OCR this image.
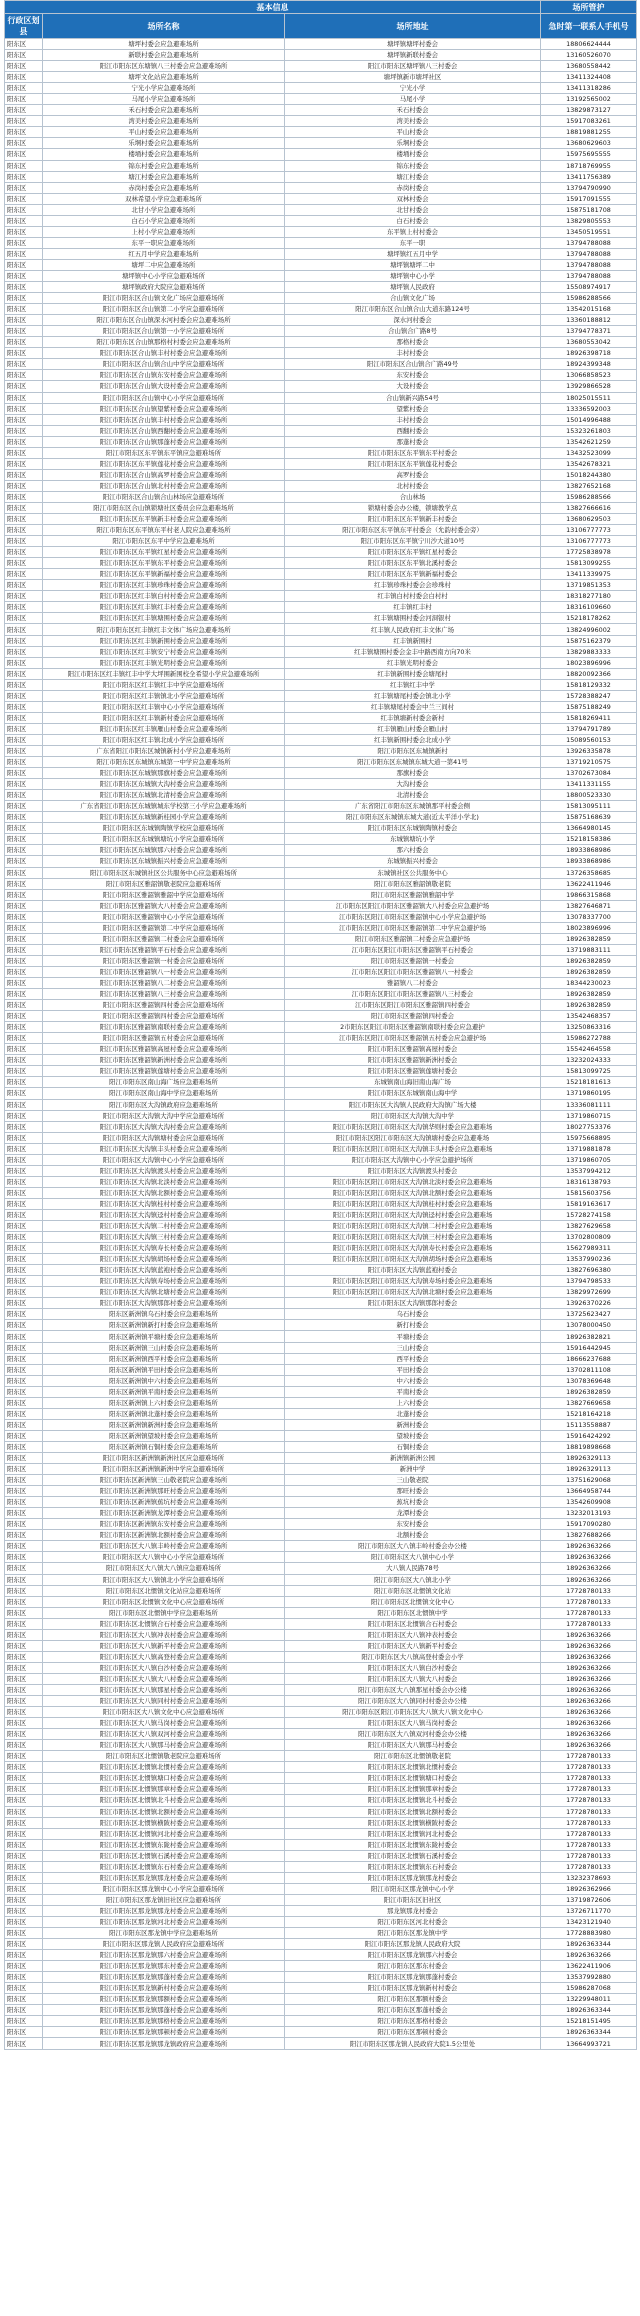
基本信息			场所管护
行政区划县	场所名称	场所地址	急时第一联系人手机号
阳东区	塘坪村委会应急避难场所	塘坪镇塘坪村委会	18806624444
阳东区	新联村委会应急避难场所	塘坪镇新联村委会	13160526070
阳东区	阳江市阳东区东塘镇八三村委会应急避难场所	阳江市阳东区塘坪镇八三村委会	13680558442
阳东区	塘坪文化站应急避难场所	塘坪镇新市塘坪社区	13411324408
阳东区	宁光小学应急避难场所	宁光小学	13411318286
阳东区	马尾小学应急避难场所	马尾小学	13192565002
阳东区	禾石村委会应急避难场所	禾石村委会	13829873127
阳东区	湾美村委会应急避难场所	湾美村委会	15917083261
阳东区	平山村委会应急避难场所	平山村委会	18819881255
阳东区	乐垌村委会应急避难场所	乐垌村委会	13680629603
阳东区	楼埇村委会应急避难场所	楼埇村委会	15975695555
阳东区	锦东村委会应急避难场所	锦东村委会	18718769955
阳东区	塘江村委会应急避难场所	塘江村委会	13411756389
阳东区	赤岗村委会应急避难场所	赤岗村委会	13794790990
阳东区	双林希望小学应急避难场所	双林村委会	15917091555
阳东区	北甘小学应急避难场所	北甘村委会	15875181708
阳东区	白石小学应急避难场所	白石村委会	13829805553
阳东区	上村小学应急避难场所	东平镇上村村委会	13450519551
阳东区	东平一职应急避难场所	东平一职	13794788088
阳东区	红五月中学应急避难场所	塘坪镇红五月中学	13794788088
阳东区	塘坪二中应急避难场所	塘坪镇塘坪二中	13794788088
阳东区	塘坪镇中心小学应急避难场所	塘坪镇中心小学	13794788088
阳东区	塘坪镇政府大院应急避难场所	塘坪镇人民政府	15508974917
阳东区	阳江市阳东区合山镇文化广场应急避难场所	合山镇文化广场	15986288566
阳东区	阳江市阳东区合山镇第二小学应急避难场所	阳江市阳东区合山镇合山大道东路124号	13542015168
阳东区	阳江市阳东区合山镇深水河村委会应急避难场所	深水河村委会	13360188812
阳东区	阳江市阳东区合山镇第一小学应急避难场所	合山镇合广路8号	13794778371
阳东区	阳江市阳东区合山镇那格村村委会应急避难场所	那格村委会	13680553042
阳东区	阳江市阳东区合山镇丰村村委会应急避难场所	丰村村委会	18926398718
阳东区	阳江市阳东区合山镇合山中学应急避难场所	阳江市阳东区合山镇合广路49号	18924399348
阳东区	阳江市阳东区合山镇东安村委会应急避难场所	东安村委会	13066858523
阳东区	阳江市阳东区合山镇大设村委会应急避难场所	大设村委会	13929866528
阳东区	阳江市阳东区合山镇中心小学应急避难场所	合山镇新兴路54号	18025015511
阳东区	阳江市阳东区合山镇望紫村委会应急避难场所	望紫村委会	13336592003
阳东区	阳江市阳东区合山镇丰村村委会应急避难场所	丰村村委会	15014996488
阳东区	阳江市阳东区合山镇西翻村委会应急避难场所	西翻村委会	15323261803
阳东区	阳江市阳东区合山镇那蓬村委会应急避难场所	那蓬村委会	13542621259
阳东区	阳江市阳东区东平镇东平镇应急避难场所	阳江市阳东区东平镇东平村委会	13432523099
阳东区	阳江市阳东区东平镇莲花村委会应急避难场所	阳江市阳东区东平镇莲花村委会	13542678321
阳东区	阳江市阳东区合山镇高罗村委会应急避难场所	高罗村委会	15018244380
阳东区	阳江市阳东区合山镇北村村委会应急避难场所	北村村委会	13827652168
阳东区	阳江市阳东区合山镇合山林场应急避难场所	合山林场	15986288566
阳东区	阳江市阳东区合山镇锁塘社区委员会应急避难场所	锁塘村委会办公楼，锁塘教学点	13827666616
阳东区	阳江市阳东区东平镇新丰村委会应急避难场所	阳江市阳东区东平镇新丰村委会	13680629503
阳东区	阳江市阳东区东平镇东平村老人院应急避难场所	阳江市阳东区东平镇东平村委会（允韵村委会旁）	13106777773
阳东区	阳江市阳东区东平中学应急避难场所	阳江市阳东区东平镇宁川沙大道10号	13106777773
阳东区	阳江市阳东区东平镇红星村委会应急避难场所	阳江市阳东区东平镇红星村委会	17725838978
阳东区	阳江市阳东区东平镇东平村委会应急避难场所	阳江市阳东区东平镇北溪村委会	15813099255
阳东区	阳江市阳东区东平镇新福村委会应急避难场所	阳江市阳东区东平镇新福村委会	13411339975
阳东区	阳江市阳东区红丰镇珍珠村委会应急避难场所	红丰镇珍珠村委会会珍珠村	13719851353
阳东区	阳江市阳东区红丰镇白村村委会应急避难场所	红丰镇白村村委会白村村	18318277180
阳东区	阳江市阳东区红丰镇红丰村委会应急避难场所	红丰镇红丰村	18316109660
阳东区	阳江市阳东区红丰镇塘围村委会应急避难场所	红丰镇塘围村委会河洞银村	15218178262
阳东区	阳江市阳东区红丰镇红丰文体广场应急避难场所	红丰镇人民政府红丰文体广场	13824996002
阳东区	阳江市阳东区红丰镇新围村委会应急避难场所	红丰镇新围村	15875162379
阳东区	阳江市阳东区红丰镇安宁村委会应急避难场所	红丰镇塘围村委会金丰中路西南方向70米	13829883333
阳东区	阳江市阳东区红丰镇光明村委会应急避难场所	红丰镇光明村委会	18023896996
阳东区	阳江市阳东区红丰镇红丰中学大坪围新围校全希望小学应急避难场所	红丰镇新围村委会塘尾村	18820092366
阳东区	阳江市阳东区红丰镇红丰中学应急避难场所	红丰镇红丰中学	15818129332
阳东区	阳江市阳东区红丰镇镇北小学应急避难场所	红丰镇塘尾村委会镇北小学	15728388247
阳东区	阳江市阳东区红丰镇中心小学应急避难场所	红丰镇塘尾村委会中兰三间村	15875188249
阳东区	阳江市阳东区红丰镇新村委会应急避难场所	红丰镇塘新村委会新村	15818269411
阳东区	阳江市阳东区红丰镇雁山村委会应急避难场所	红丰镇雁山村委会雁山村	13794791789
阳东区	阳江市阳东区红丰镇北成小学应急避难场所	红丰镇新围村委会北成小学	15089560153
阳东区	广东省阳江市阳东区城镇新村小学应急避难场所	阳江市阳东区东城镇新村	13926335878
阳东区	阳江市阳东区东城镇东城第一中学应急避难场所	阳江市阳东区东城镇东城大道一第41号	13719210575
阳东区	阳江市阳东区东城镇那旗村委会应急避难场所	那旗村委会	13702673084
阳东区	阳江市阳东区东城镇大沟村委会应急避难场所	大沟村委会	13411331155
阳东区	阳江市阳东区东城镇北清村委会应急避难场所	北清村委会	18800523330
阳东区	广东省阳江市阳东区东城镇城东学校第三小学应急避难场所	广东省阳江市阳东区东城镇那平村委会侧	15813095111
阳东区	阳江市阳东区东城镇新桂园小学应急避难场所	阳江市阳东区东城镇东城大道(近太平洋小学北)	15875168639
阳东区	阳江市阳东区东城镇陶镇学校应急避难场所	阳江市阳东区东城镇陶镇村委会	13664980145
阳东区	阳江市阳东区东城镇塘坑小学应急避难场所	东城镇塘坑小学	15218158386
阳东区	阳江市阳东区东城镇那六村委会应急避难场所	那六村委会	18933868986
阳东区	阳江市阳东区东城镇振兴村委会应急避难场所	东城镇振兴村委会	18933868986
阳东区	阳江市阳东区东城镇社区公共服务中心应急避难场所	东城镇社区公共服务中心	13726358685
阳东区	阳江市阳东区雅韶镇敬老院应急避难场所	阳江市阳东区雅韶镇敬老院	13622411946
阳东区	阳江市阳东区雅韶镇雅韶中学应急避难场所	阳江市阳东区雅韶镇雅韶中学	19866315868
阳东区	阳江市阳东区雅韶镇大八村委会应急避难场所	江市阳东区阳江市阳东区雅韶镇大八村委会应急避护场	13827646871
阳东区	阳江市阳东区雅韶镇中心小学应急避难场所	江市阳东区阳江市阳东区雅韶镇中心小学应急避护场	13078337700
阳东区	阳江市阳东区雅韶镇第二中学应急避难场所	江市阳东区阳江市阳东区雅韶镇第二中学应急避护场	18023896996
阳东区	阳江市阳东区雅韶镇二村委会应急避难场所	阳江市阳东区雅韶镇二村委会应急避护场	18926382859
阳东区	阳江市阳东区雅韶镇平石村委会应急避难场所	江市阳东区阳江市阳东区雅韶镇平石村委会	13719883111
阳东区	阳江市阳东区雅韶镇一村委会应急避难场所	阳江市阳东区雅韶镇一村委会	18926382859
阳东区	阳江市阳东区雅韶镇八一村委会应急避难场所	江市阳东区阳江市阳东区雅韶镇八一村委会	18926382859
阳东区	阳江市阳东区雅韶镇八二村委会应急避难场所	雅韶镇八二村委会	18344230023
阳东区	阳江市阳东区雅韶镇八三村委会应急避难场所	江市阳东区阳江市阳东区雅韶镇八三村委会	18926382859
阳东区	阳江市阳东区雅韶镇四村委会应急避难场所	江市阳东区阳江市阳东区雅韶镇四村委会	18926382859
阳东区	阳江市阳东区雅韶镇四村委会应急避难场所	阳江市阳东区雅韶镇四村委会	13542468357
阳东区	阳江市阳东区雅韶镇南联村委会应急避难场所	2市阳东区阳江市阳东区雅韶镇南联村委会应急避护	13250863316
阳东区	阳江市阳东区雅韶镇五村委会应急避难场所	江市阳东区阳江市阳东区雅韶镇五村委会应急避护场	15986272788
阳东区	阳江市阳东区雅韶镇高屋村委会应急避难场所	阳江市阳东区雅韶镇高屋村委会	15542464558
阳东区	阳江市阳东区雅韶镇新洲村委会应急避难场所	阳江市阳东区雅韶镇新洲村委会	13232024333
阳东区	阳江市阳东区雅韶镇莲塘村委会应急避难场所	阳江市阳东区雅韶镇莲塘村委会	15813099725
阳东区	阳江市阳东区南山海广场应急避难场所	东城镇南山海旧南山海广场	15218181613
阳东区	阳江市阳东区南山海中学应急避难场所	阳江市阳东区东城镇南山海中学	13719860195
阳东区	阳江市阳东区大沟镇政府应急避难场所	阳江市阳东区大沟镇人民政府大沟镇广场大楼	13336081111
阳东区	阳江市阳东区大沟镇大沟中学应急避难场所	阳江市阳东区大沟镇大沟中学	13719860715
阳东区	阳江市阳东区大沟镇大沟村委会应急避难场所	阳江市阳东区阳江市阳东区大沟镇华则村委会应急避难场	18027753376
阳东区	阳江市阳东区大沟镇塘村委会应急避难场所	阳江市阳东区阳江市阳东区大沟镇塘村委会应急避难场	15975668895
阳东区	阳江市阳东区大沟镇丰头村委会应急避难场所	阳江市阳东区阳江市阳东区大沟镇丰头村委会应急避难场	13719881878
阳东区	阳江市阳东区大沟镇中心小学应急避难场所	阳江市阳东区大沟镇中心小学应急避护场所	13719860705
阳东区	阳江市阳东区大沟镇渡头村委会应急避难场所	阳江市阳东区大沟镇渡头村委会	13537994212
阳东区	阳江市阳东区大沟镇北淡村委会应急避难场所	阳江市阳东区阳江市阳东区大沟镇北淡村委会应急避难场	18316138793
阳东区	阳江市阳东区大沟镇北额村委会应急避难场所	阳江市阳东区阳江市阳东区大沟镇北额村委会应急避难场	15815603756
阳东区	阳江市阳东区大沟镇桂村村委会应急避难场所	阳江市阳东区阳江市阳东区大沟镇桂村村委会应急避难场	15819163617
阳东区	阳江市阳东区大沟镇迳村村委会应急避难场所	阳江市阳东区阳江市阳东区大沟镇迳村村委会应急避难场	15728274158
阳东区	阳江市阳东区大沟镇二村村委会应急避难场所	阳江市阳东区阳江市阳东区大沟镇二村村委会应急避难场	13827629658
阳东区	阳江市阳东区大沟镇三村村委会应急避难场所	阳江市阳东区阳江市阳东区大沟镇三村村委会应急避难场	13702800809
阳东区	阳江市阳东区大沟镇寿长村委会应急避难场所	阳江市阳东区阳江市阳东区大沟镇寿长村委会应急避难场	15627989311
阳东区	阳江市阳东区大沟镇胡场村委会应急避难场所	阳江市阳东区阳江市阳东区大沟镇胡场村委会应急避难场	13537990236
阳东区	阳江市阳东区大沟镇蓝袍村委会应急避难场所	阳江市阳东区大沟镇蓝袍村委会	13827696380
阳东区	阳江市阳东区大沟镇寿场村委会应急避难场所	阳江市阳东区阳江市阳东区大沟镇寿场村委会应急避难场	13794798533
阳东区	阳江市阳东区大沟镇北塘村委会应急避难场所	阳江市阳东区阳江市阳东区大沟镇北塘村委会应急避难场	13829972699
阳东区	阳江市阳东区大沟镇那郎村委会应急避难场所	阳江市阳东区大沟镇那郎村委会	13926370226
阳东区	阳东区新洲镇乌石村委会应急避难场所	乌石村委会	13725623427
阳东区	阳东区新洲镇新打村委会应急避难场所	新打村委会	13078000450
阳东区	阳东区新洲镇平塘村委会应急避难场所	平塘村委会	18926382821
阳东区	阳东区新洲镇三山村委会应急避难场所	三山村委会	15916442945
阳东区	阳东区新洲镇西平村委会应急避难场所	西平村委会	18666237688
阳东区	阳东区新洲镇平田村委会应急避难场所	平田村委会	13702811108
阳东区	阳东区新洲镇中六村委会应急避难场所	中六村委会	13078369648
阳东区	阳东区新洲镇平南村委会应急避难场所	平南村委会	18926382859
阳东区	阳东区新洲镇上六村委会应急避难场所	上六村委会	13827669658
阳东区	阳东区新洲镇北蓬村委会应急避难场所	北蓬村委会	15218164218
阳东区	阳东区新洲镇新洲村委会应急避难场所	新洲村委会	15113558887
阳东区	阳东区新洲镇望坡村委会应急避难场所	望坡村委会	15916424292
阳东区	阳东区新洲镇石铜村委会应急避难场所	石铜村委会	18819898668
阳东区	阳江市阳东区新洲镇新洲社区应急避难场所	新洲镇新洲公园	18926329113
阳东区	阳江市阳东区新洲镇新洲中学应急避难场所	新洲中学	18926329113
阳东区	阳江市阳东区新洲镇三山敬老院应急避难场所	三山敬老院	13751629068
阳东区	阳江市阳东区新洲镇那旺村委会应急避难场所	那旺村委会	13664958744
阳东区	阳江市阳东区新洲镇蕉坑村委会应急避难场所	蕉坑村委会	13542609908
阳东区	阳江市阳东区新洲镇龙潭村委会应急避难场所	龙潭村委会	13232013193
阳东区	阳江市阳东区新洲镇东安村委会应急避难场所	东安村委会	15917090280
阳东区	阳江市阳东区新洲镇北额村委会应急避难场所	北额村委会	13827688266
阳东区	阳江市阳东区大八镇丰岭村委会应急避难场所	阳江市阳东区大八镇丰岭村委会办公楼	18926363266
阳东区	阳江市阳东区大八镇中心小学应急避难场所	阳江市阳东区大八镇中心小学	18926363266
阳东区	阳江市阳东区大八镇大八镇应急避难场所	大八镇人民路78号	18926363266
阳东区	阳江市阳东区大八镇镇北小学应急避难场所	阳江市阳东区大八镇北小学	18926363266
阳东区	阳江市阳东区北惯镇文化站应急避难场所	阳江市阳东区北惯镇文化站	17728780133
阳东区	阳江市阳东区北惯镇文化中心应急避难场所	阳江市阳东区北惯镇文化中心	17728780133
阳东区	阳江市阳东区北惯镇中学应急避难场所	阳江市阳东区北惯镇中学	17728780133
阳东区	阳江市阳东区北惯镇合石村委会应急避难场所	阳江市阳东区北惯镇合石村委会	17728780133
阳东区	阳江市阳东区大八镇冲表村委会应急避难场所	阳江市阳东区大八镇冲表村委会	18926363266
阳东区	阳江市阳东区大八镇新平村委会应急避难场所	阳江市阳东区大八镇新平村委会	18926363266
阳东区	阳江市阳东区大八镇高登村委会应急避难场所	阳江市阳东区大八镇高登村委会小学	18926363266
阳东区	阳江市阳东区大八镇白沙村委会应急避难场所	阳江市阳东区大八镇白沙村委会	18926363266
阳东区	阳江市阳东区大八镇大八村委会应急避难场所	阳江市阳东区大八镇大八村委会	18926363266
阳东区	阳江市阳东区大八镇那星村委会应急避难场所	阳江市阳东区大八镇那星村委会办公楼	18926363266
阳东区	阳江市阳东区大八镇同村村委会应急避难场所	阳江市阳东区大八镇同村村委会办公楼	18926363266
阳东区	阳江市阳东区大八镇文化中心应急避难场所	阳江市阳东区阳江市阳东区大八镇大八镇文化中心	18926363266
阳东区	阳江市阳东区大八镇马岗村委会应急避难场所	阳江市阳东区大八镇马岗村委会	18926363266
阳东区	阳江市阳东区大八镇双河村委会应急避难场所	阳江市阳东区大八镇双河村委会办公楼	18926363266
阳东区	阳江市阳东区大八镇那马村委会应急避难场所	阳江市阳东区大八镇那马村委会	18926363266
阳东区	阳江市阳东区北惯镇敬老院应急避难场所	阳江市阳东区北惯镇敬老院	17728780133
阳东区	阳江市阳东区北惯镇北惯村委会应急避难场所	阳江市阳东区北惯镇北惯村委会	17728780133
阳东区	阳江市阳东区北惯镇塘口村委会应急避难场所	阳江市阳东区北惯镇塘口村委会	17728780133
阳东区	阳江市阳东区北惯镇那章村委会应急避难场所	阳江市阳东区北惯镇那章村委会	17728780133
阳东区	阳江市阳东区北惯镇北斗村委会应急避难场所	阳江市阳东区北惯镇北斗村委会	17728780133
阳东区	阳江市阳东区北惯镇北额村委会应急避难场所	阳江市阳东区北惯镇北额村委会	17728780133
阳东区	阳江市阳东区北惯镇横陂村委会应急避难场所	阳江市阳东区北惯镇横陂村委会	17728780133
阳东区	阳江市阳东区北惯镇河北村委会应急避难场所	阳江市阳东区北惯镇河北村委会	17728780133
阳东区	阳江市阳东区北惯镇东陇村委会应急避难场所	阳江市阳东区北惯镇东陇村委会	17728780133
阳东区	阳江市阳东区北惯镇石溪村委会应急避难场所	阳江市阳东区北惯镇石溪村委会	17728780133
阳东区	阳江市阳东区北惯镇东石村委会应急避难场所	阳江市阳东区北惯镇东石村委会	17728780133
阳东区	阳江市阳东区那龙镇那龙村委会应急避难场所	阳江市阳东区那龙镇那龙村委会	13232378693
阳东区	阳江市阳东区那龙镇中心小学应急避难场所	阳江市阳东区那龙镇中心小学	18926362966
阳东区	阳江市阳东区那龙镇旧社区应急避难场所	阳江市阳东区旧社区	13719872606
阳东区	阳江市阳东区那龙镇那龙村委会应急避难场所	那龙镇那龙村委会	13726711770
阳东区	阳江市阳东区那龙镇河北村委会应急避难场所	阳江市阳东区河北村委会	13423121940
阳东区	阳江市阳东区那龙镇中学应急避难场所	阳江市阳东区那龙镇中学	17728883980
阳东区	阳江市阳东区那龙镇人民政府应急避难场所	阳江市阳东区那龙镇人民政府大院	18926363344
阳东区	阳江市阳东区那龙镇那六村委会应急避难场所	阳江市阳东区那龙镇那六村委会	18926363266
阳东区	阳江市阳东区那龙镇那东村委会应急避难场所	阳江市阳东区那东村委会	13622411906
阳东区	阳江市阳东区那龙镇那蓬村委会应急避难场所	阳江市阳东区那龙镇那蓬村委会	13537992880
阳东区	阳江市阳东区那龙镇新村村委会应急避难场所	阳江市阳东区那龙镇新村村委会	15986287068
阳东区	阳江市阳东区那龙镇那额村委会应急避难场所	阳江市阳东区那额村委会	13229948011
阳东区	阳江市阳东区那龙镇那蓬村委会应急避难场所	阳江市阳东区那蓬村委会	18926363344
阳东区	阳江市阳东区那龙镇那格村委会应急避难场所	阳江市阳东区那格村委会	15218151495
阳东区	阳江市阳东区那龙镇那顿村委会应急避难场所	阳江市阳东区那顿村委会	18926363344
阳东区	阳江市阳东区那龙镇那龙镇政府应急避难场所	阳江市阳东区那龙镇人民政府大院1.5公里处	13664993721
